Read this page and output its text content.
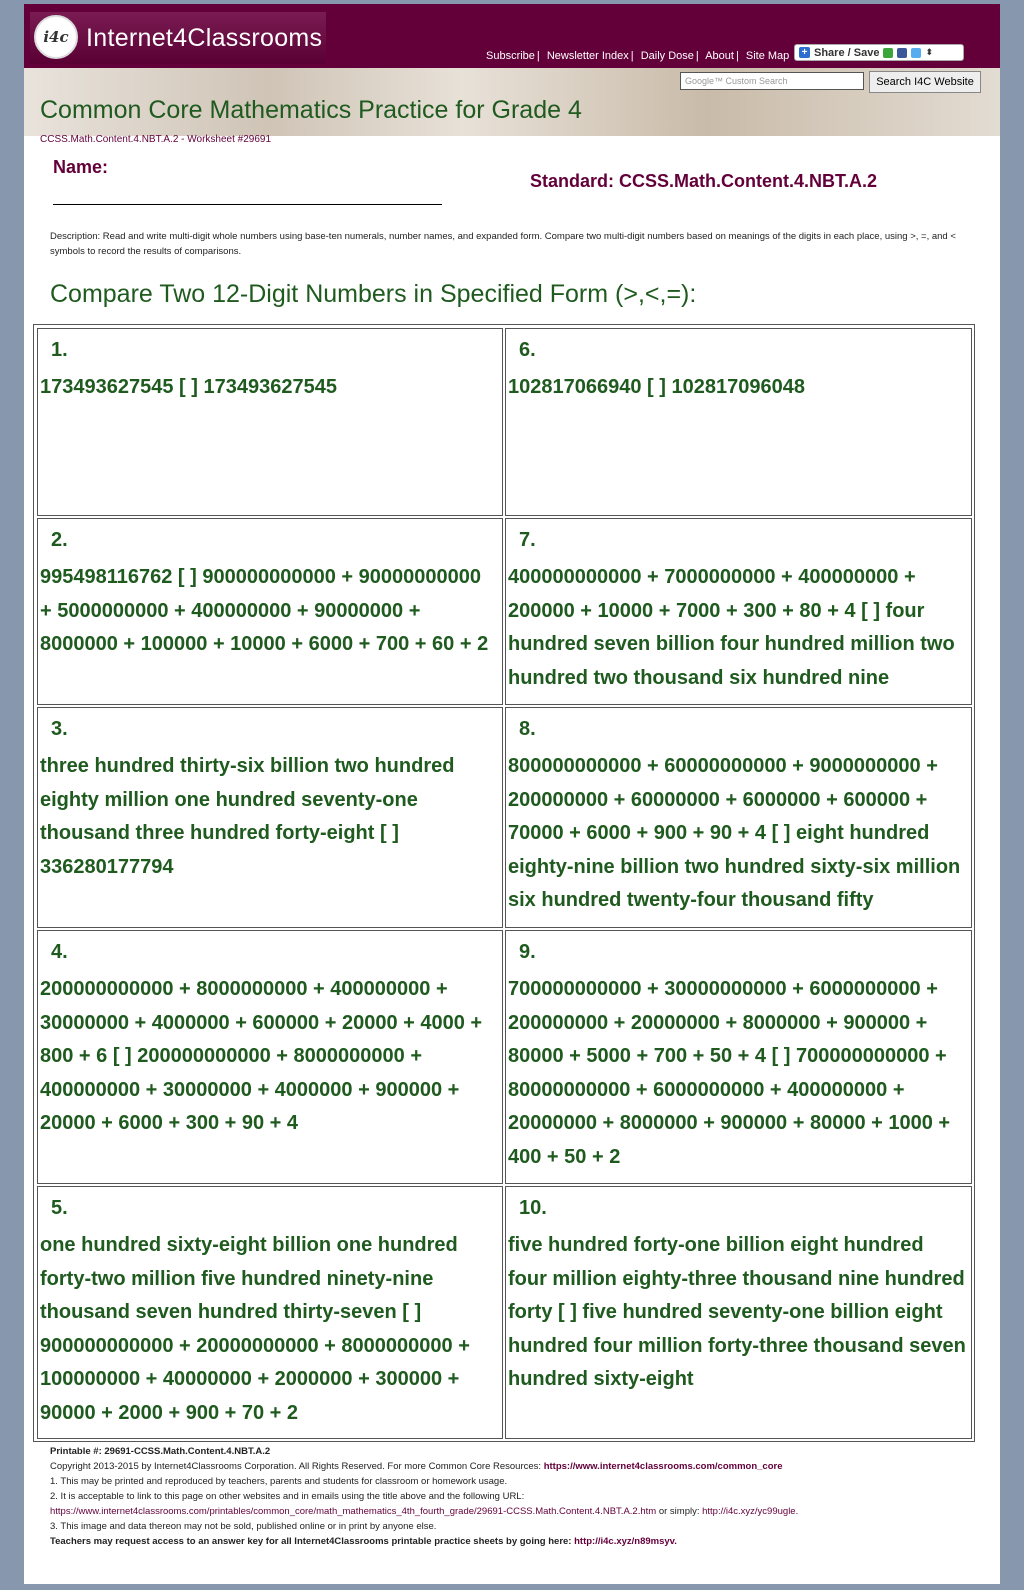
i4c Internet4Classrooms
Subscribe | Newsletter Index | Daily Dose | About | Site Map + Share / Save	⬍
Common Core Mathematics Practice for Grade 4
Google™ Custom Search	Search I4C Website
CCSS.Math.Content.4.NBT.A.2 - Worksheet #29691
Name:
Standard: CCSS.Math.Content.4.NBT.A.2
Description: Read and write multi-digit whole numbers using base-ten numerals, number names, and expanded form. Compare two multi-digit numbers based on meanings of the digits in each place, using >, =, and < symbols to record the results of comparisons.
Compare Two 12-Digit Numbers in Specified Form (>,<,=):
1.
173493627545 [ ] 173493627545
2.
995498116762 [ ] 900000000000 + 90000000000 + 5000000000 + 400000000 + 90000000 + 8000000 + 100000 + 10000 + 6000 + 700 + 60 + 2
3.
three hundred thirty-six billion two hundred eighty million one hundred seventy-one thousand three hundred forty-eight [ ] 336280177794
4.
200000000000 + 8000000000 + 400000000 + 30000000 + 4000000 + 600000 + 20000 + 4000 + 800 + 6 [ ] 200000000000 + 8000000000 + 400000000 + 30000000 + 4000000 + 900000 + 20000 + 6000 + 300 + 90 + 4
5.
one hundred sixty-eight billion one hundred forty-two million five hundred ninety-nine thousand seven hundred thirty-seven [ ] 900000000000 + 20000000000 + 8000000000 + 100000000 + 40000000 + 2000000 + 300000 + 90000 + 2000 + 900 + 70 + 2
6.
102817066940 [ ] 102817096048
7.
400000000000 + 7000000000 + 400000000 + 200000 + 10000 + 7000 + 300 + 80 + 4 [ ] four hundred seven billion four hundred million two hundred two thousand six hundred nine
8.
800000000000 + 60000000000 + 9000000000 + 200000000 + 60000000 + 6000000 + 600000 + 70000 + 6000 + 900 + 90 + 4 [ ] eight hundred eighty-nine billion two hundred sixty-six million six hundred twenty-four thousand fifty
9.
700000000000 + 30000000000 + 6000000000 + 200000000 + 20000000 + 8000000 + 900000 + 80000 + 5000 + 700 + 50 + 4 [ ] 700000000000 + 80000000000 + 6000000000 + 400000000 + 20000000 + 8000000 + 900000 + 80000 + 1000 + 400 + 50 + 2
10.
five hundred forty-one billion eight hundred four million eighty-three thousand nine hundred forty [ ] five hundred seventy-one billion eight hundred four million forty-three thousand seven hundred sixty-eight
Printable #: 29691-CCSS.Math.Content.4.NBT.A.2
Copyright 2013-2015 by Internet4Classrooms Corporation. All Rights Reserved. For more Common Core Resources: https://www.internet4classrooms.com/common_core
1. This may be printed and reproduced by teachers, parents and students for classroom or homework usage.
2. It is acceptable to link to this page on other websites and in emails using the title above and the following URL:
https://www.internet4classrooms.com/printables/common_core/math_mathematics_4th_fourth_grade/29691-CCSS.Math.Content.4.NBT.A.2.htm or simply: http://i4c.xyz/yc99ugle.
3. This image and data thereon may not be sold, published online or in print by anyone else.
Teachers may request access to an answer key for all Internet4Classrooms printable practice sheets by going here: http://i4c.xyz/n89msyv.
